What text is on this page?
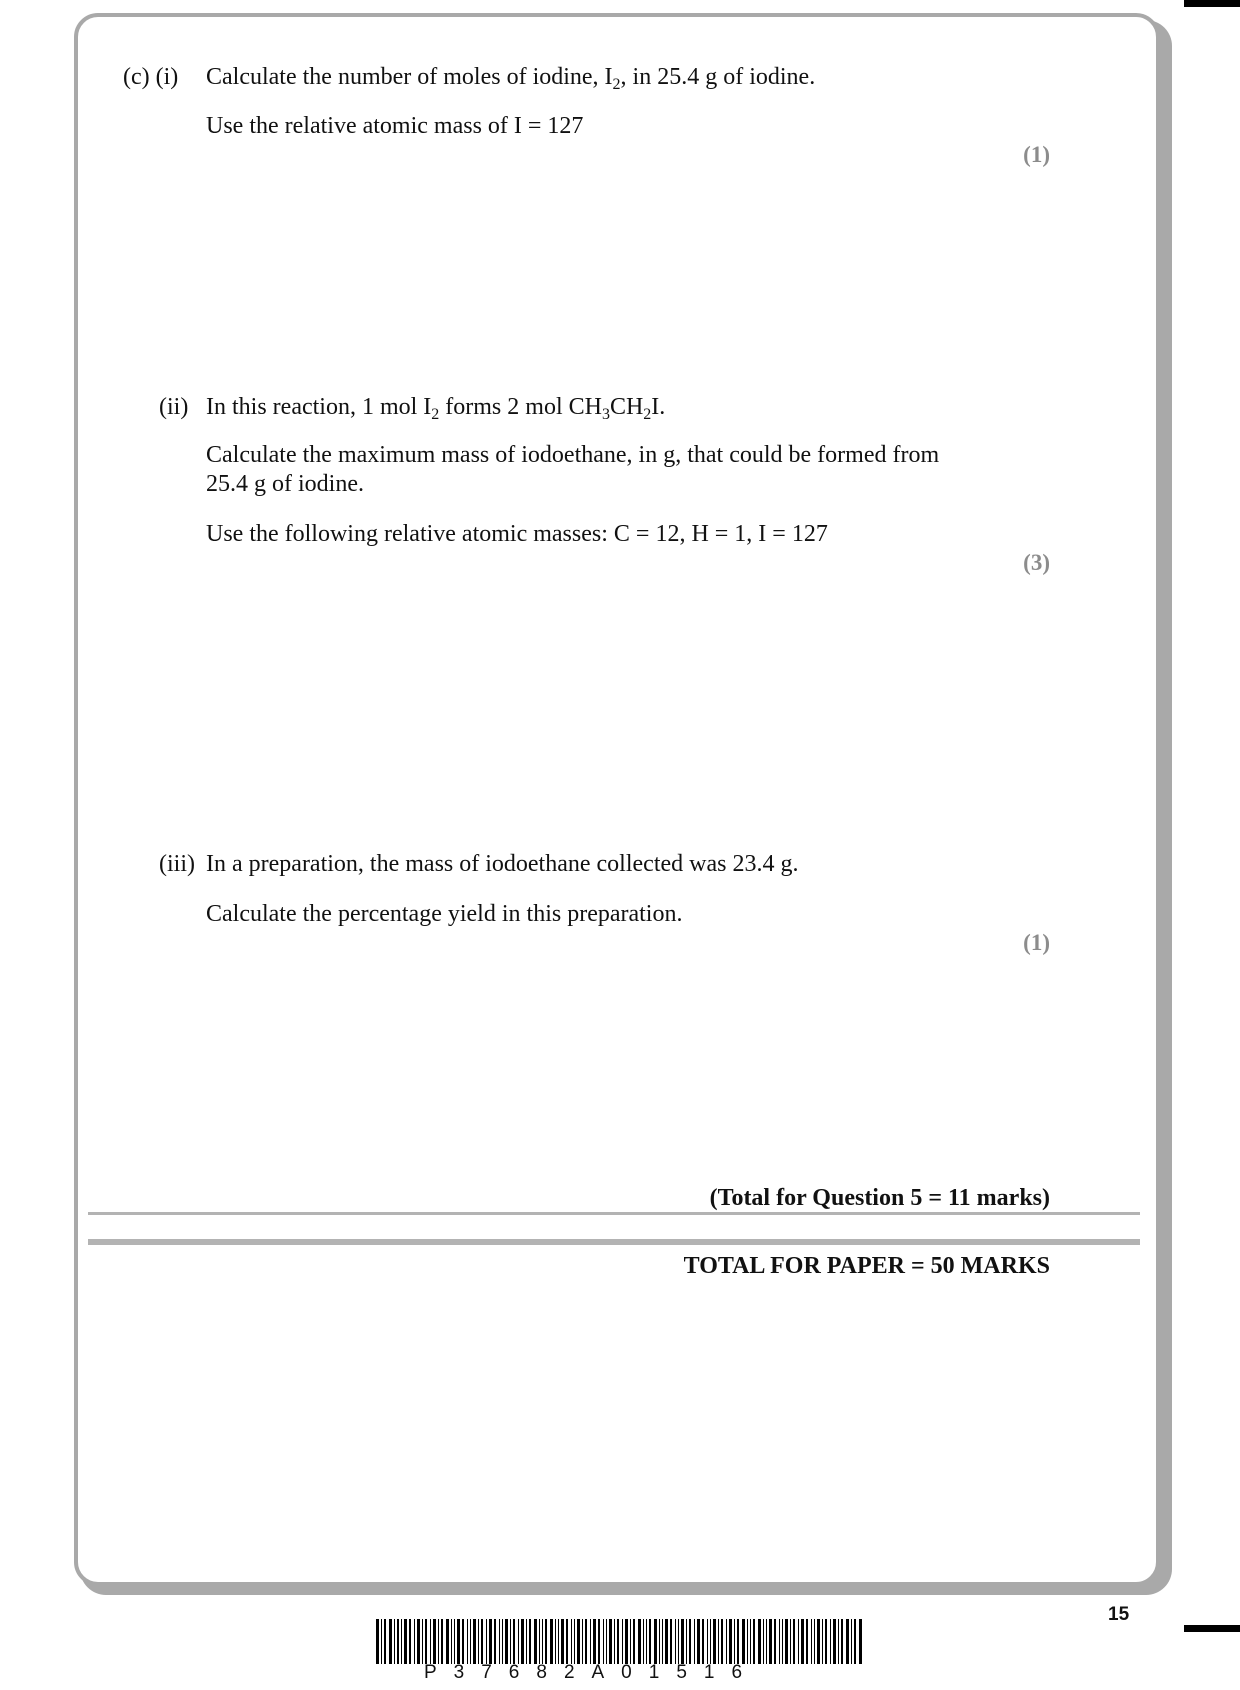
(c) (i) Calculate the number of moles of iodine, $I_2$, in 25.4 g of iodine.
Use the relative atomic mass of I = 127
(1)
(ii) In this reaction, 1 mol $I_2$ forms 2 mol $CH_3CH_2I$.
Calculate the maximum mass of iodoethane, in g, that could be formed from
25.4 g of iodine.
Use the following relative atomic masses: C = 12, H = 1, I = 127
(3)
(iii) In a preparation, the mass of iodoethane collected was 23.4 g.
Calculate the percentage yield in this preparation.
(1)
(Total for Question 5 = 11 marks)
TOTAL FOR PAPER = 50 MARKS
15
P37682A01516
